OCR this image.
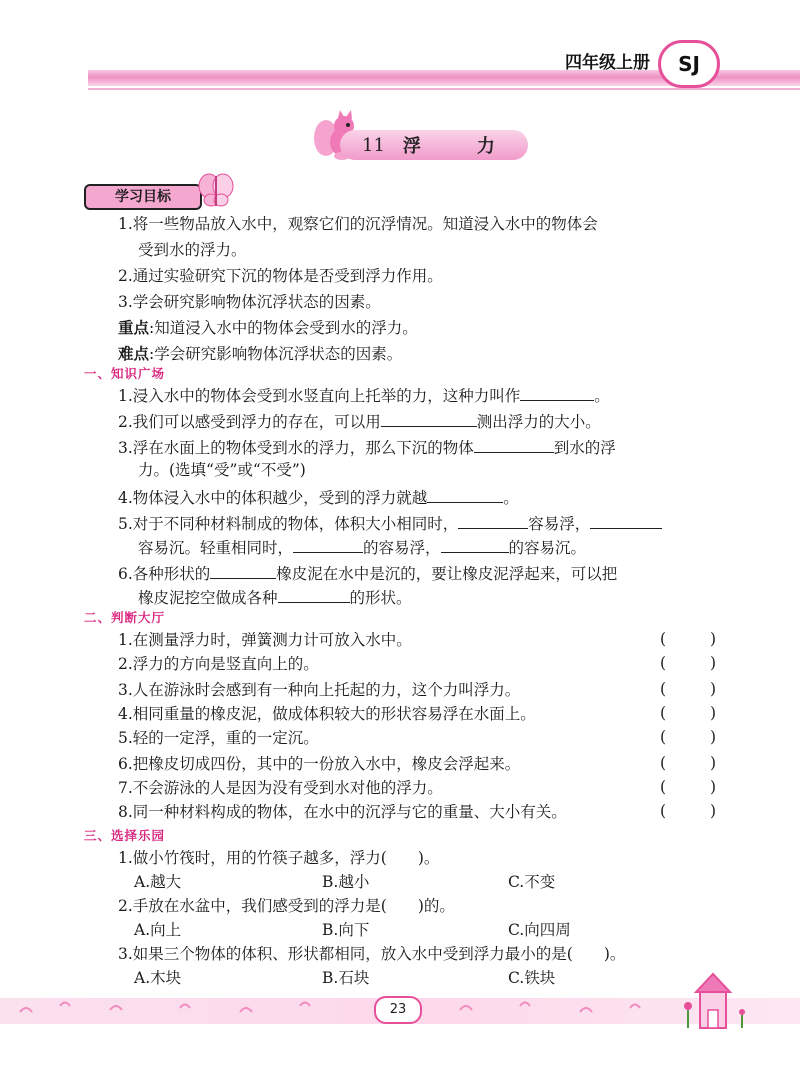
四年级上册	SJ
11 浮	力
学习目标
1.将一些物品放入水中，观察它们的沉浮情况。知道浸入水中的物体会
受到水的浮力。
2.通过实验研究下沉的物体是否受到浮力作用。
3.学会研究影响物体沉浮状态的因素。
重点:知道浸入水中的物体会受到水的浮力。
难点:学会研究影响物体沉浮状态的因素。
一、知识广场
1.浸入水中的物体会受到水竖直向上托举的力，这种力叫作	。
2.我们可以感受到浮力的存在，可以用	测出浮力的大小。
3.浮在水面上的物体受到水的浮力，那么下沉的物体	到水的浮
力。(选填“受”或“不受”)
4.物体浸入水中的体积越少，受到的浮力就越	。
5.对于不同种材料制成的物体，体积大小相同时，	容易浮，
容易沉。轻重相同时，	的容易浮，	的容易沉。
6.各种形状的	橡皮泥在水中是沉的，要让橡皮泥浮起来，可以把
橡皮泥挖空做成各种	的形状。
二、判断大厅
1.在测量浮力时，弹簧测力计可放入水中。	(	)
2.浮力的方向是竖直向上的。	(	)
3.人在游泳时会感到有一种向上托起的力，这个力叫浮力。	(	)
4.相同重量的橡皮泥，做成体积较大的形状容易浮在水面上。	(	)
5.轻的一定浮，重的一定沉。	(	)
6.把橡皮切成四份，其中的一份放入水中，橡皮会浮起来。	(	)
7.不会游泳的人是因为没有受到水对他的浮力。	(	)
8.同一种材料构成的物体，在水中的沉浮与它的重量、大小有关。	(	)
三、选择乐园
1.做小竹筏时，用的竹筷子越多，浮力(　　)。
A.越大	B.越小	C.不变
2.手放在水盆中，我们感受到的浮力是(　　)的。
A.向上	B.向下	C.向四周
3.如果三个物体的体积、形状都相同，放入水中受到浮力最小的是(　　)。
A.木块	B.石块	C.铁块
23
